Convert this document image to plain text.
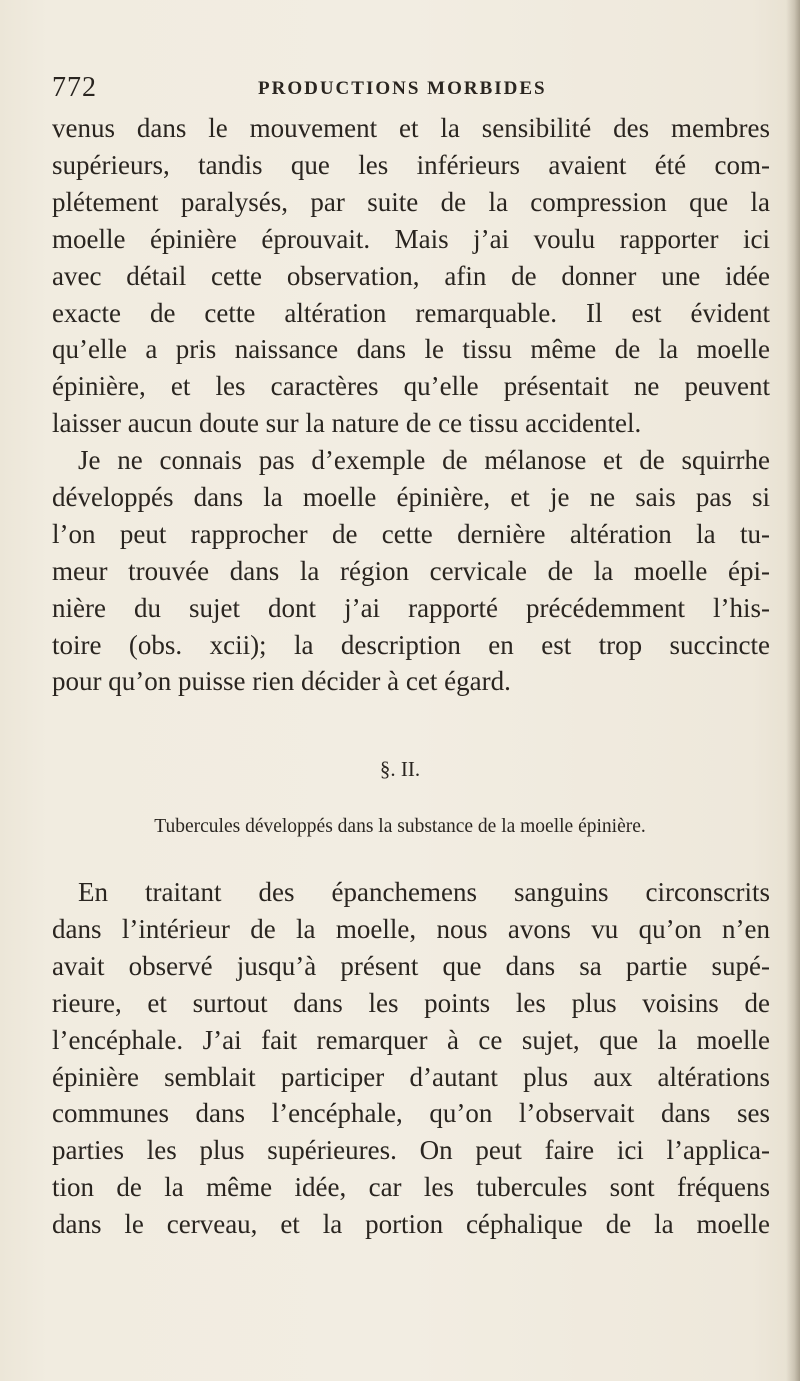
772	PRODUCTIONS MORBIDES
venus dans le mouvement et la sensibilité des membres
supérieurs, tandis que les inférieurs avaient été com-
plétement paralysés, par suite de la compression que la
moelle épinière éprouvait. Mais j’ai voulu rapporter ici
avec détail cette observation, afin de donner une idée
exacte de cette altération remarquable. Il est évident
qu’elle a pris naissance dans le tissu même de la moelle
épinière, et les caractères qu’elle présentait ne peuvent
laisser aucun doute sur la nature de ce tissu accidentel.
Je ne connais pas d’exemple de mélanose et de squirrhe
développés dans la moelle épinière, et je ne sais pas si
l’on peut rapprocher de cette dernière altération la tu-
meur trouvée dans la région cervicale de la moelle épi-
nière du sujet dont j’ai rapporté précédemment l’his-
toire (obs. xcii); la description en est trop succincte
pour qu’on puisse rien décider à cet égard.
§. II.
Tubercules développés dans la substance de la moelle épinière.
En traitant des épanchemens sanguins circonscrits
dans l’intérieur de la moelle, nous avons vu qu’on n’en
avait observé jusqu’à présent que dans sa partie supé-
rieure, et surtout dans les points les plus voisins de
l’encéphale. J’ai fait remarquer à ce sujet, que la moelle
épinière semblait participer d’autant plus aux altérations
communes dans l’encéphale, qu’on l’observait dans ses
parties les plus supérieures. On peut faire ici l’applica-
tion de la même idée, car les tubercules sont fréquens
dans le cerveau, et la portion céphalique de la moelle
